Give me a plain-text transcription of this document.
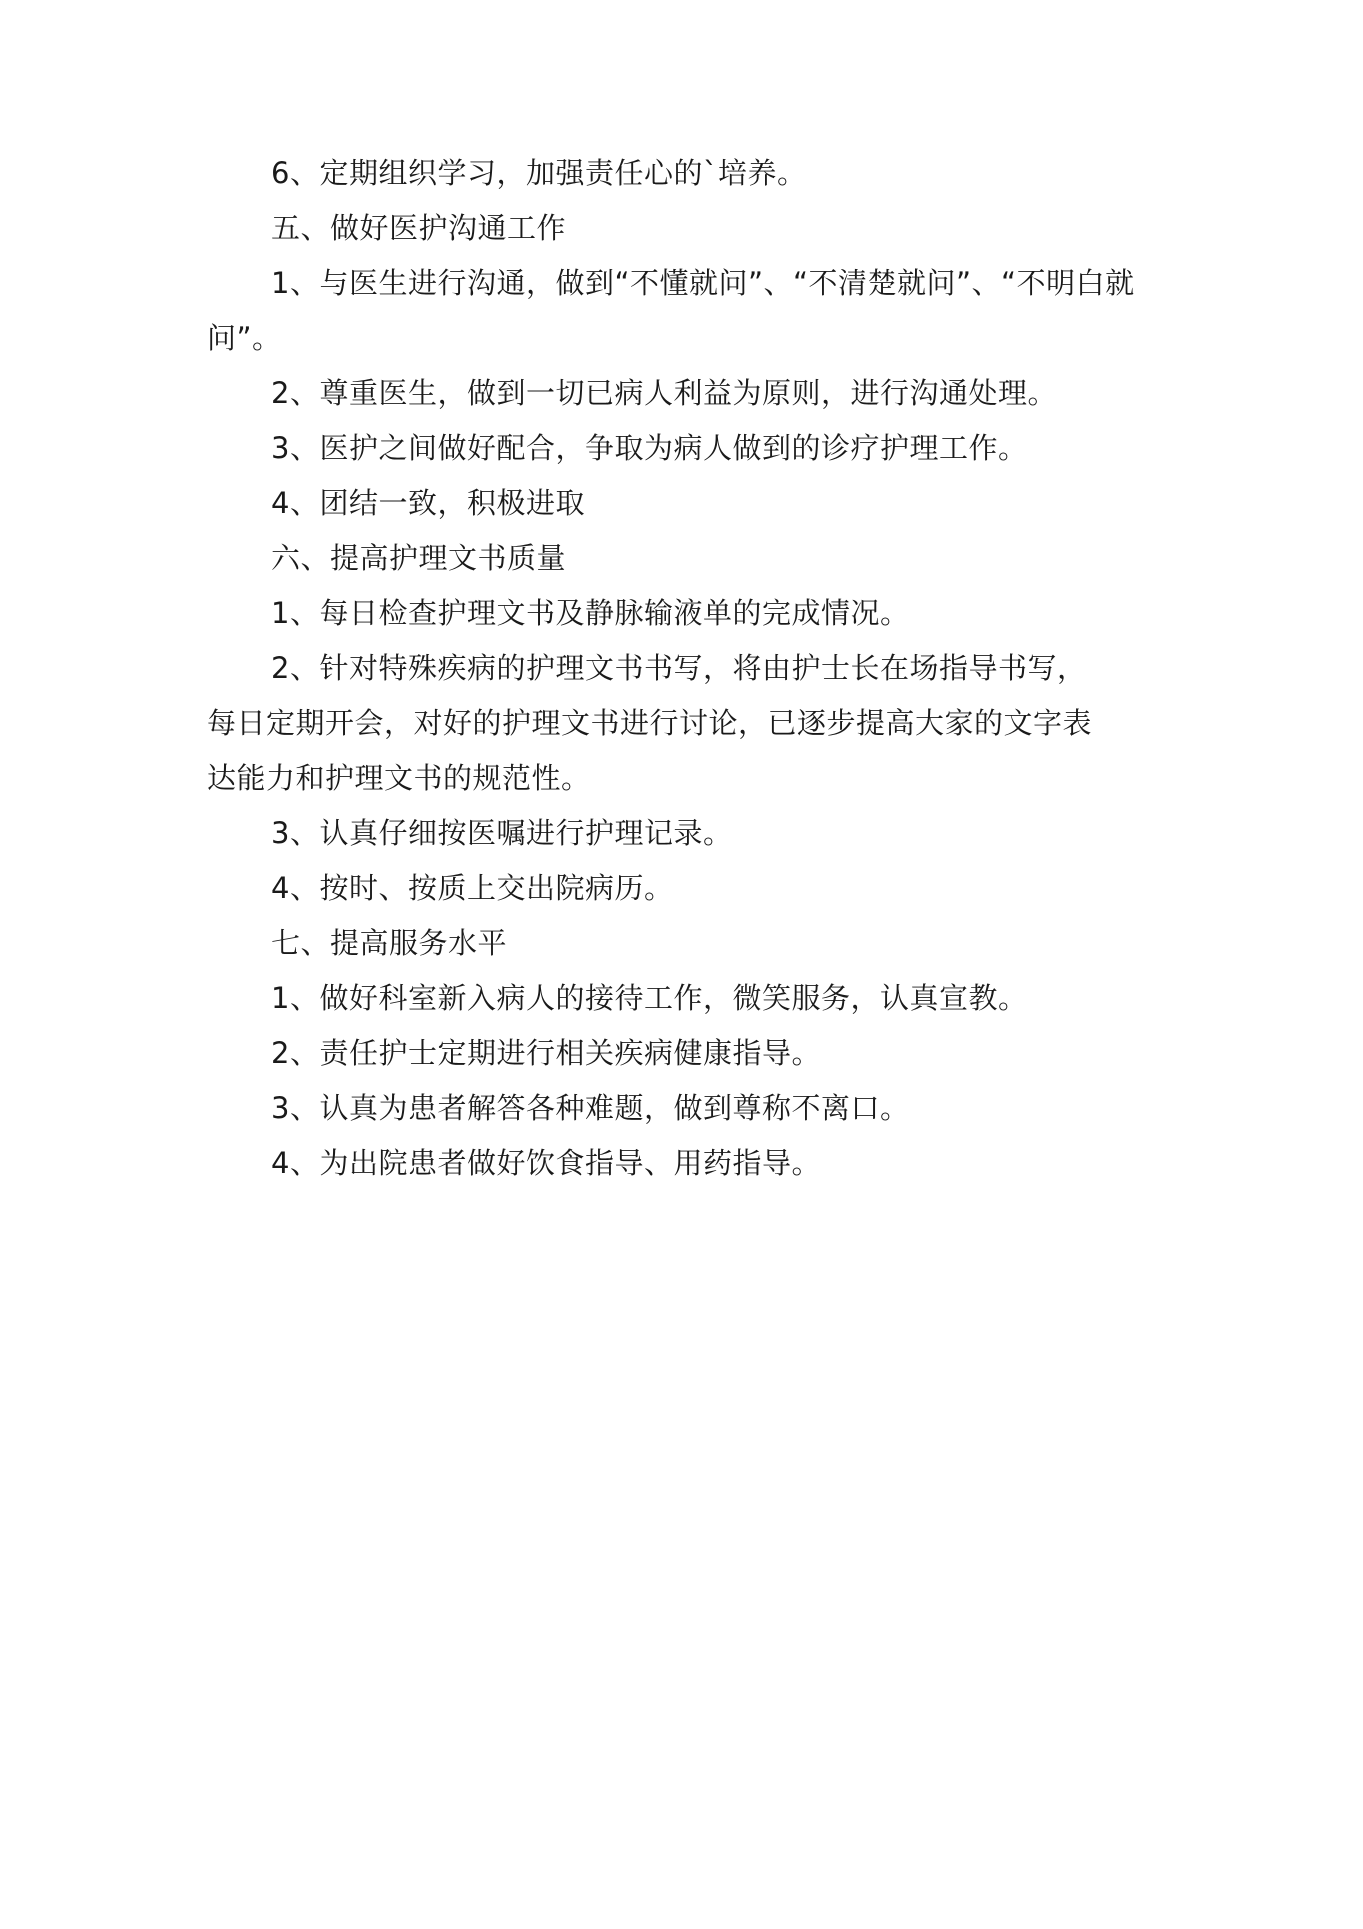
6、定期组织学习，加强责任心的`培养。
五、做好医护沟通工作
1、与医生进行沟通，做到“不懂就问”、“不清楚就问”、“不明白就
问”。
2、尊重医生，做到一切已病人利益为原则，进行沟通处理。
3、医护之间做好配合，争取为病人做到的诊疗护理工作。
4、团结一致，积极进取
六、提高护理文书质量
1、每日检查护理文书及静脉输液单的完成情况。
2、针对特殊疾病的护理文书书写，将由护士长在场指导书写，
每日定期开会，对好的护理文书进行讨论，已逐步提高大家的文字表
达能力和护理文书的规范性。
3、认真仔细按医嘱进行护理记录。
4、按时、按质上交出院病历。
七、提高服务水平
1、做好科室新入病人的接待工作，微笑服务，认真宣教。
2、责任护士定期进行相关疾病健康指导。
3、认真为患者解答各种难题，做到尊称不离口。
4、为出院患者做好饮食指导、用药指导。
